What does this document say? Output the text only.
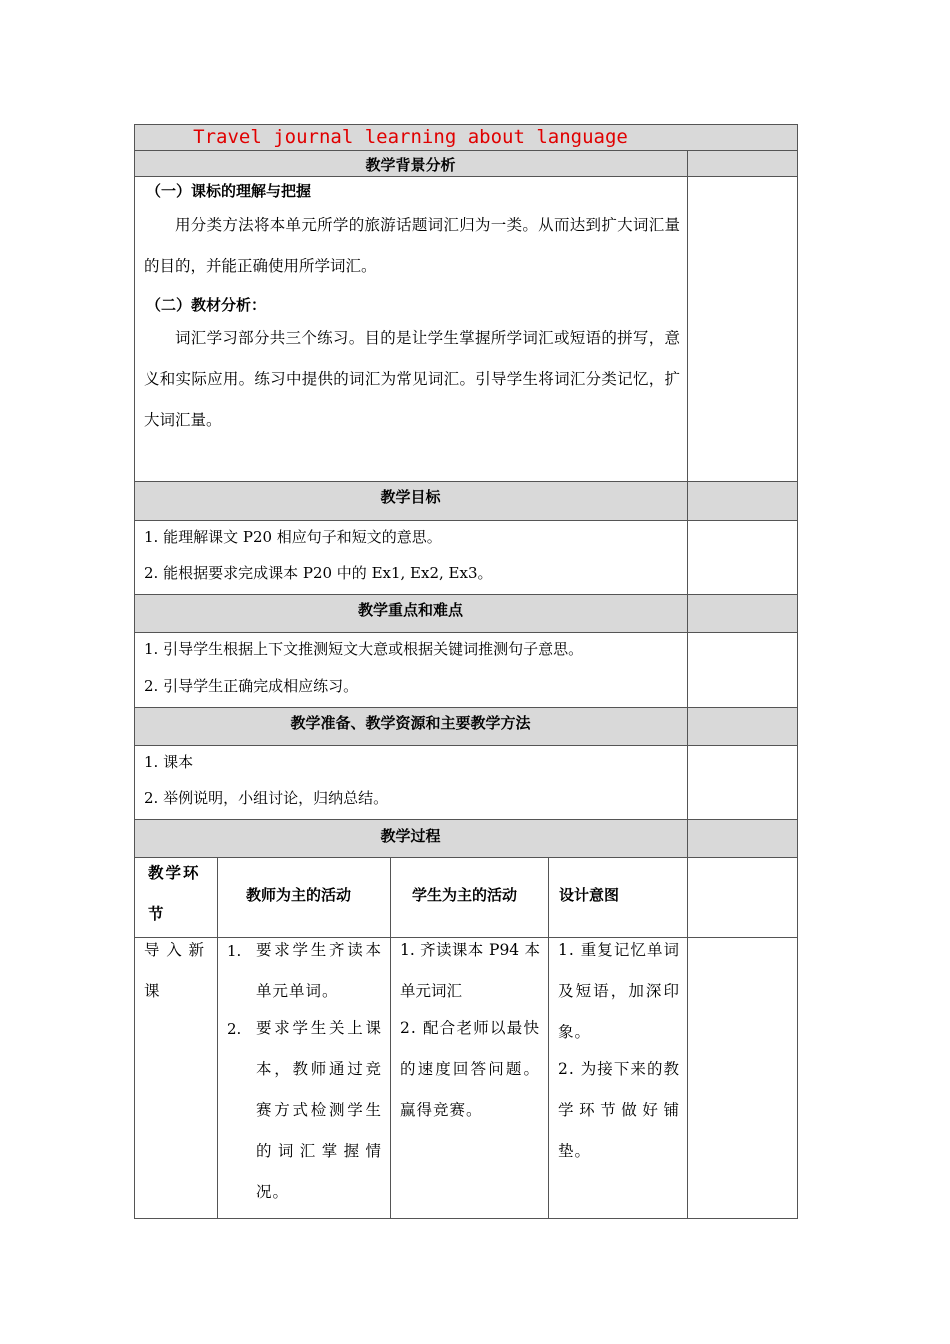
Travel journal learning about language
教学背景分析
（一）课标的理解与把握
用分类方法将本单元所学的旅游话题词汇归为一类。从而达到扩大词汇量的目的，并能正确使用所学词汇。
（二）教材分析：
词汇学习部分共三个练习。目的是让学生掌握所学词汇或短语的拼写，意义和实际应用。练习中提供的词汇为常见词汇。引导学生将词汇分类记忆，扩大词汇量。
教学目标
1. 能理解课文 P20 相应句子和短文的意思。
2. 能根据要求完成课本 P20 中的 Ex1, Ex2, Ex3。
教学重点和难点
1. 引导学生根据上下文推测短文大意或根据关键词推测句子意思。
2. 引导学生正确完成相应练习。
教学准备、教学资源和主要教学方法
1. 课本
2. 举例说明，小组讨论，归纳总结。
教学过程
教学环节
教师为主的活动	学生为主的活动	设计意图
导入新课
1. 要求学生齐读本单元单词。
2. 要求学生关上课本，教师通过竞赛方式检测学生的词汇掌握情况。
1. 齐读课本 P94 本单元词汇
2. 配合老师以最快的速度回答问题。赢得竞赛。
1. 重复记忆单词及短语，加深印象。
2. 为接下来的教学环节做好铺垫。
